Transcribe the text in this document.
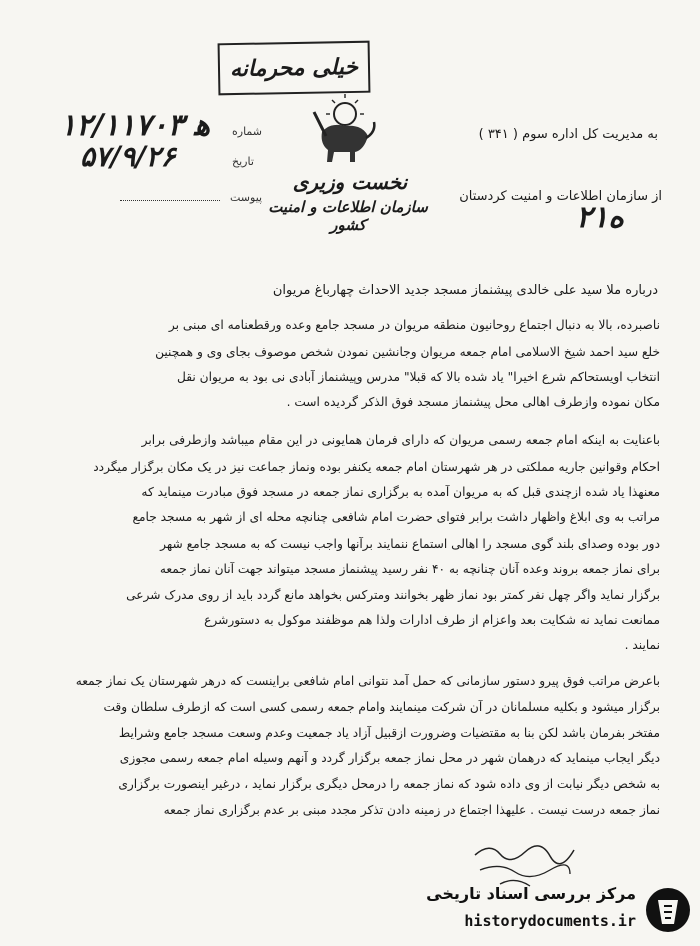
خیلی محرمانه
نخست وزیری
سازمان اطلاعات و امنیت کشور
شماره
۱۲/۱۱۷۰۳ ﻫ
تاریخ
۵۷/۹/۲۶
پیوست
به مدیریت کل اداره سوم ( ۳۴۱ )
از سازمان اطلاعات و امنیت کردستان
۲۱ه
درباره ملا سید علی خالدی پیشنماز مسجد جدید الاحداث چهارباغ مریوان
ناصبرده، بالا به دنبال اجتماع روحانیون منطقه مریوان در مسجد جامع وعده ورقطعنامه ای مبنی بر
خلع سید احمد شیخ الاسلامی امام جمعه مریوان وجانشین نمودن شخص موصوف بجای وی و همچنین
انتخاب اویستحاکم شرع اخیرا" یاد شده بالا که قبلا" مدرس وپیشنماز آبادی نی بود به مریوان نقل
مکان نموده وازطرف اهالی محل پیشنماز مسجد فوق الذکر گردیده است .
باعنایت به اینکه امام جمعه رسمی مریوان که دارای فرمان همایونی در این مقام میباشد وازطرفی برابر
احکام وقوانین جاریه مملکتی در هر شهرستان امام جمعه یکنفر بوده ونماز جماعت نیز در یک مکان برگزار میگردد
معنهذا یاد شده ازچندی قبل که به مریوان آمده به برگزاری نماز جمعه در مسجد فوق مبادرت مینماید که
مراتب به وی ابلاغ واظهار داشت برابر فتوای حضرت امام شافعی چنانچه محله ای از شهر به مسجد جامع
دور بوده وصدای بلند گوی مسجد را اهالی استماع ننمایند برآنها واجب نیست که به مسجد جامع شهر
برای نماز جمعه بروند وعده آنان چنانچه به ۴۰ نفر رسید پیشنماز مسجد میتواند جهت آنان نماز جمعه
برگزار نماید واگر چهل نفر کمتر بود نماز ظهر بخوانند ومترکس بخواهد مانع گردد باید از روی مدرک شرعی
ممانعت نماید نه شکایت بعد واعزام از طرف ادارات ولذا هم موظفند موکول به دستورشرع
نمایند .
باعرض مراتب فوق پیرو دستور سازمانی که حمل آمد نتوانی امام شافعی براینست که درهر شهرستان یک نماز جمعه
برگزار میشود و بکلیه مسلمانان در آن شرکت مینمایند وامام جمعه رسمی کسی است که ازطرف سلطان وقت
مفتخر بفرمان باشد لکن بنا به مقتضیات وضرورت ازقبیل آزاد یاد جمعیت وعدم وسعت مسجد جامع وشرایط
دیگر ایجاب مینماید که درهمان شهر در محل نماز جمعه برگزار گردد و آنهم وسیله امام جمعه رسمی مجوزی
به شخص دیگر نیابت از وی داده شود که نماز جمعه را درمحل دیگری برگزار نماید ، درغیر اینصورت برگزاری
نماز جمعه درست نیست . علیهذا اجتماع در زمینه دادن تذکر مجدد مبنی بر عدم برگزاری نماز جمعه
مرکز بررسی اسناد تاریخی
historydocuments.ir
